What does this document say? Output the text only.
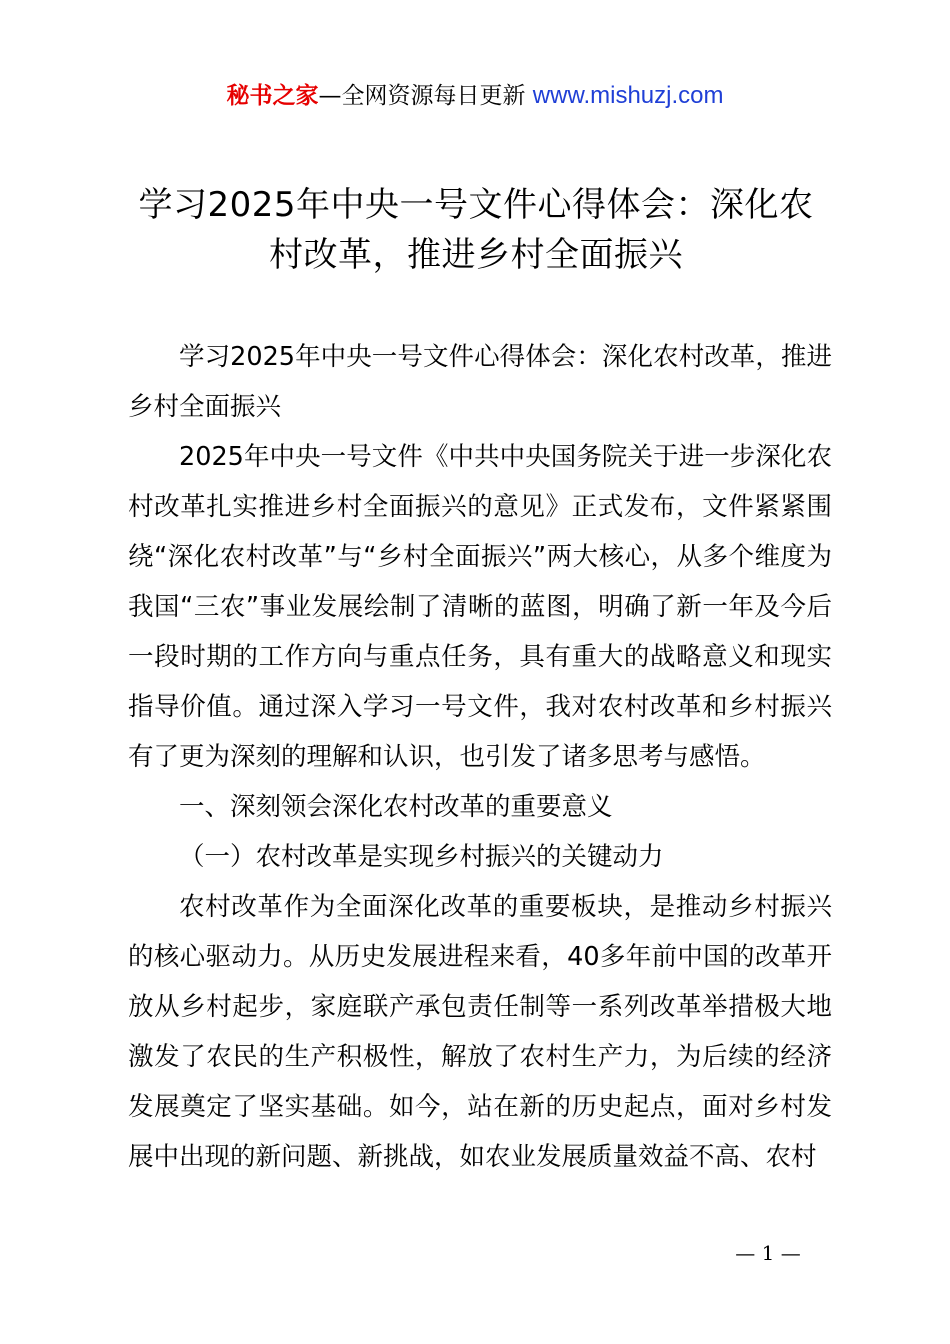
秘书之家—全网资源每日更新 www.mishuzj.com
学习2025年中央一号文件心得体会：深化农村改革，推进乡村全面振兴

学习2025年中央一号文件心得体会：深化农村改革，推进乡村全面振兴

2025年中央一号文件《中共中央国务院关于进一步深化农村改革扎实推进乡村全面振兴的意见》正式发布，文件紧紧围绕“深化农村改革”与“乡村全面振兴”两大核心，从多个维度为我国“三农”事业发展绘制了清晰的蓝图，明确了新一年及今后一段时期的工作方向与重点任务，具有重大的战略意义和现实指导价值。通过深入学习一号文件，我对农村改革和乡村振兴有了更为深刻的理解和认识，也引发了诸多思考与感悟。

一、深刻领会深化农村改革的重要意义

（一）农村改革是实现乡村振兴的关键动力

农村改革作为全面深化改革的重要板块，是推动乡村振兴的核心驱动力。从历史发展进程来看，40多年前中国的改革开放从乡村起步，家庭联产承包责任制等一系列改革举措极大地激发了农民的生产积极性，解放了农村生产力，为后续的经济发展奠定了坚实基础。如今，站在新的历史起点，面对乡村发展中出现的新问题、新挑战，如农业发展质量效益不高、农村

— 1 —
